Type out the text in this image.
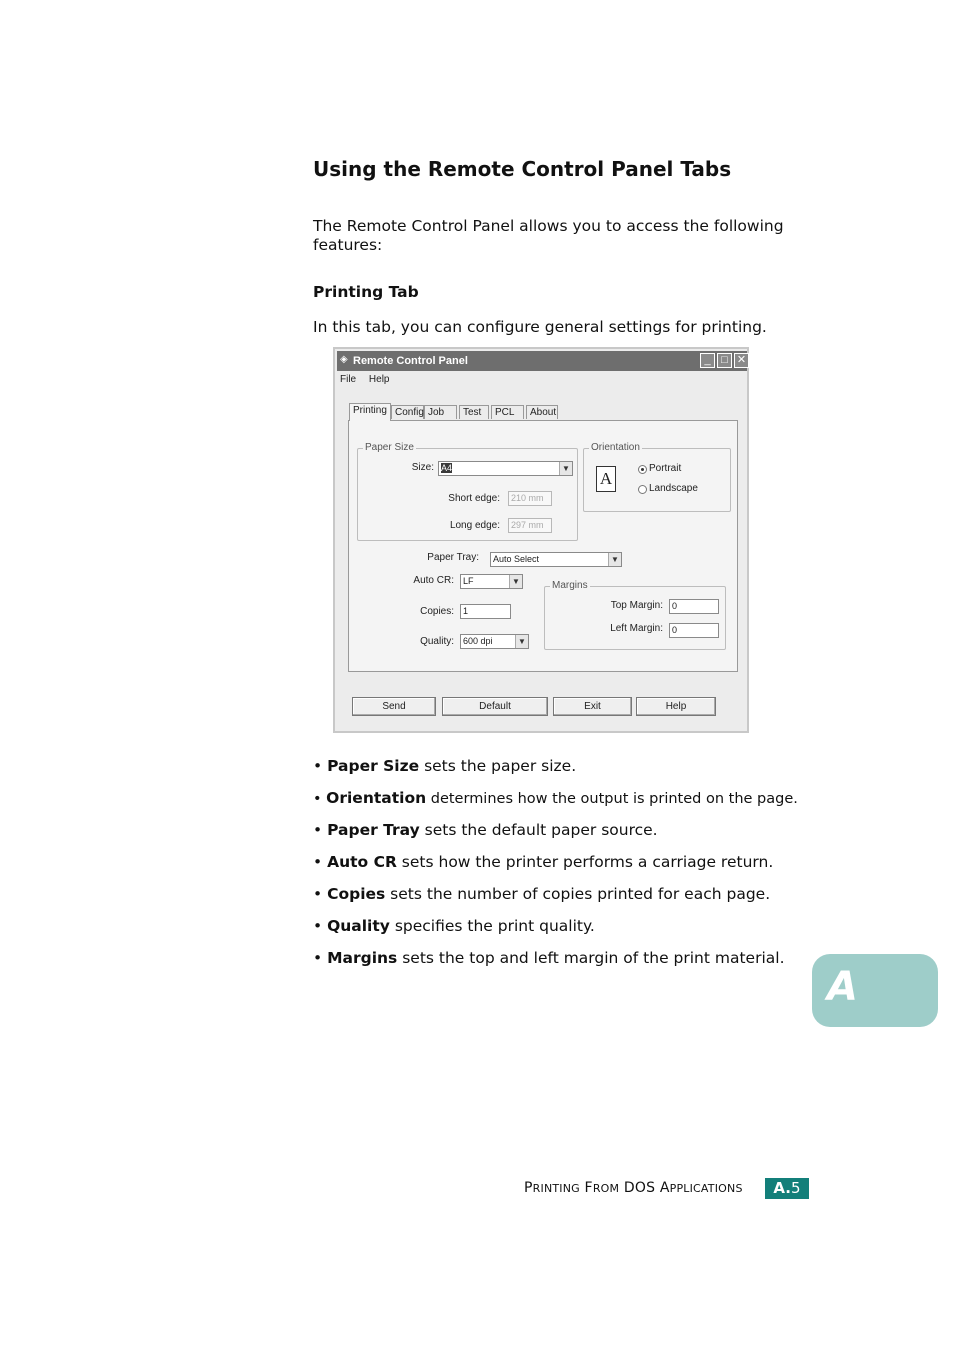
Using the Remote Control Panel Tabs
The Remote Control Panel allows you to access the following features:
Printing Tab
In this tab, you can configure general settings for printing.
◈ Remote Control Panel	_ □ ✕
File Help
Printing Config Job	Test	PCL	About
Paper Size
Size: A4	▼
Short edge:	210 mm
Long edge:	297 mm
Orientation
A
Portrait
Landscape
Paper Tray:	Auto Select	▼
Auto CR:	LF	▼
Copies:	1
Quality:	600 dpi	▼
Margins
Top Margin:	0
Left Margin:	0
Send	Default	Exit	Help
• Paper Size sets the paper size.
• Orientation determines how the output is printed on the page.
• Paper Tray sets the default paper source.
• Auto CR sets how the printer performs a carriage return.
• Copies sets the number of copies printed for each page.
• Quality specifies the print quality.
• Margins sets the top and left margin of the print material.
A
PRINTING FROM DOS APPLICATIONS	A.5
